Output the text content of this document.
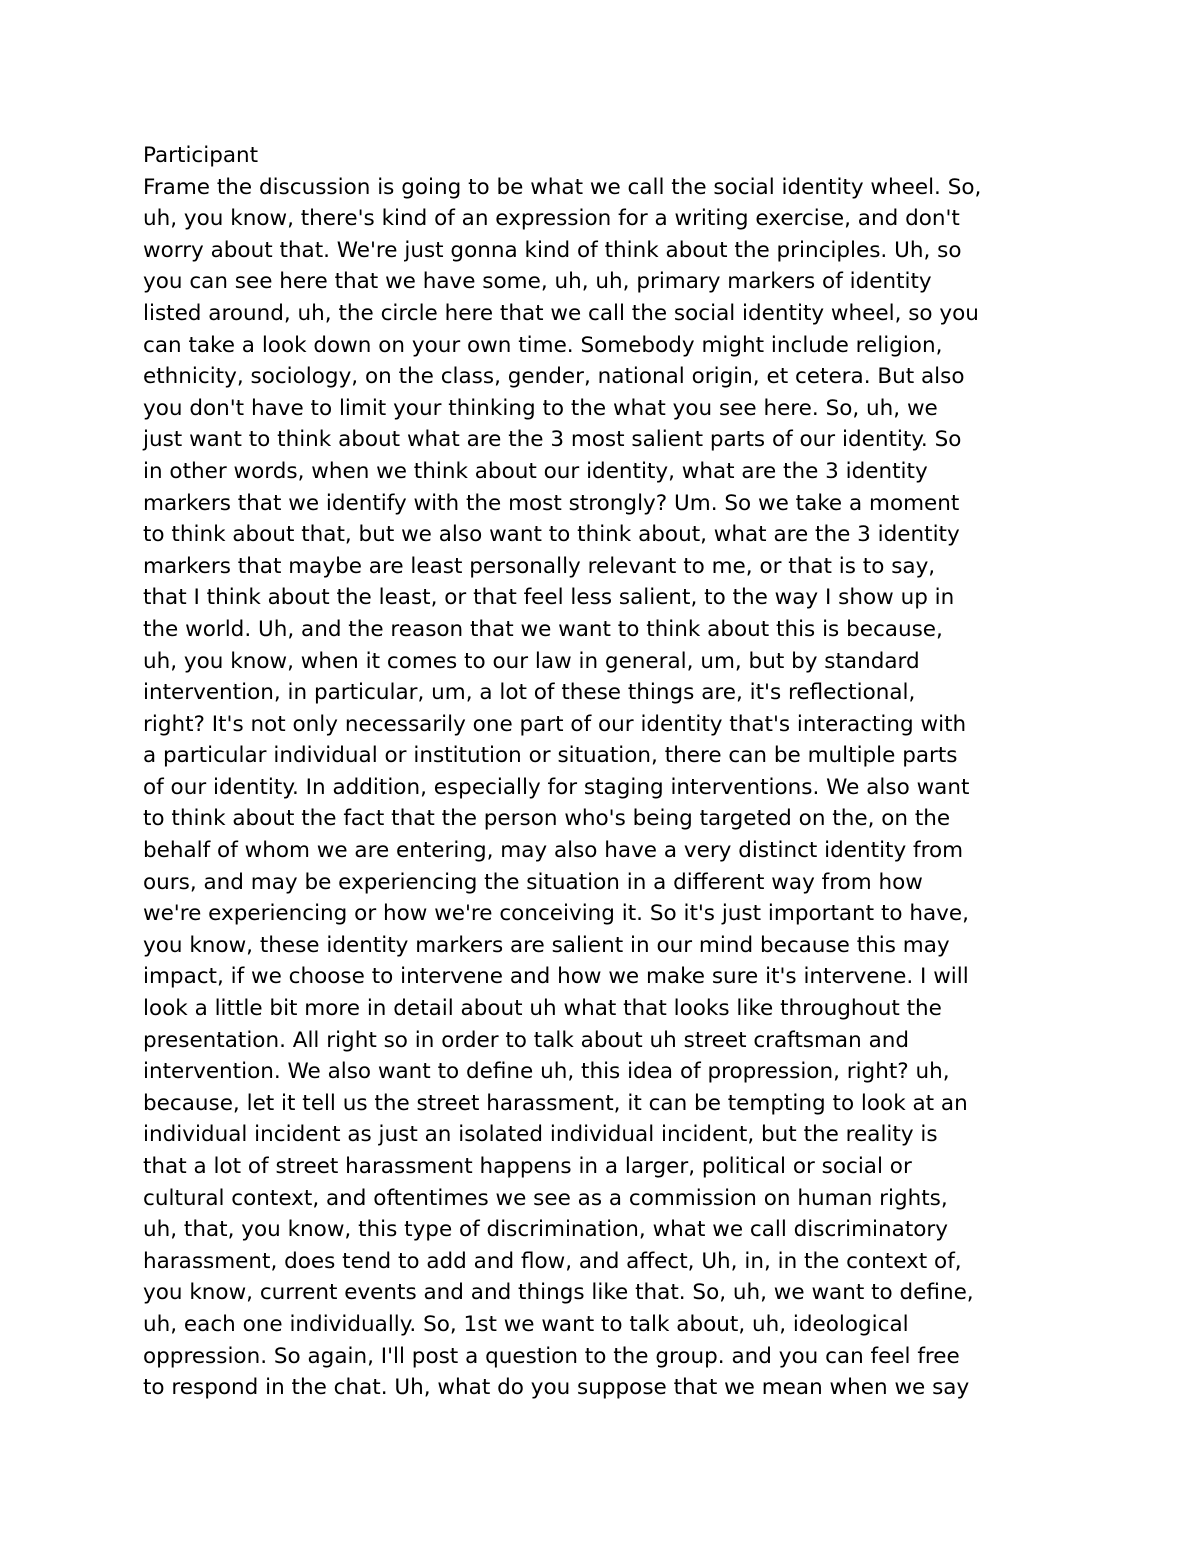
Participant
Frame the discussion is going to be what we call the social identity wheel. So,
uh, you know, there's kind of an expression for a writing exercise, and don't
worry about that. We're just gonna kind of think about the principles. Uh, so
you can see here that we have some, uh, uh, primary markers of identity
listed around, uh, the circle here that we call the social identity wheel, so you
can take a look down on your own time. Somebody might include religion,
ethnicity, sociology, on the class, gender, national origin, et cetera. But also
you don't have to limit your thinking to the what you see here. So, uh, we
just want to think about what are the 3 most salient parts of our identity. So
in other words, when we think about our identity, what are the 3 identity
markers that we identify with the most strongly? Um. So we take a moment
to think about that, but we also want to think about, what are the 3 identity
markers that maybe are least personally relevant to me, or that is to say,
that I think about the least, or that feel less salient, to the way I show up in
the world. Uh, and the reason that we want to think about this is because,
uh, you know, when it comes to our law in general, um, but by standard
intervention, in particular, um, a lot of these things are, it's reflectional,
right? It's not only necessarily one part of our identity that's interacting with
a particular individual or institution or situation, there can be multiple parts
of our identity. In addition, especially for staging interventions. We also want
to think about the fact that the person who's being targeted on the, on the
behalf of whom we are entering, may also have a very distinct identity from
ours, and may be experiencing the situation in a different way from how
we're experiencing or how we're conceiving it. So it's just important to have,
you know, these identity markers are salient in our mind because this may
impact, if we choose to intervene and how we make sure it's intervene. I will
look a little bit more in detail about uh what that looks like throughout the
presentation. All right so in order to talk about uh street craftsman and
intervention. We also want to define uh, this idea of propression, right? uh,
because, let it tell us the street harassment, it can be tempting to look at an
individual incident as just an isolated individual incident, but the reality is
that a lot of street harassment happens in a larger, political or social or
cultural context, and oftentimes we see as a commission on human rights,
uh, that, you know, this type of discrimination, what we call discriminatory
harassment, does tend to add and flow, and affect, Uh, in, in the context of,
you know, current events and and things like that. So, uh, we want to define,
uh, each one individually. So, 1st we want to talk about, uh, ideological
oppression. So again, I'll post a question to the group. and you can feel free
to respond in the chat. Uh, what do you suppose that we mean when we say
